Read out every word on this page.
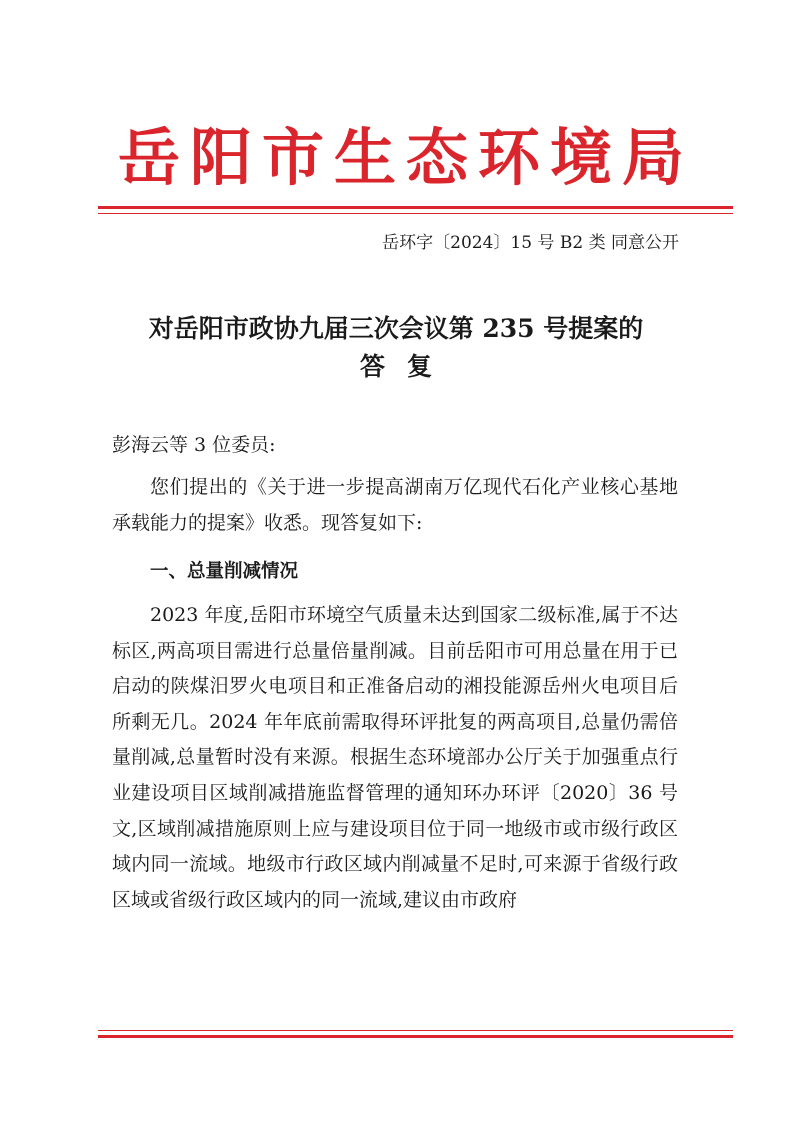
岳阳市生态环境局
岳环字〔2024〕15 号 B2 类 同意公开
对岳阳市政协九届三次会议第 235 号提案的
答复
彭海云等 3 位委员:

您们提出的《关于进一步提高湖南万亿现代石化产业核心基地承载能力的提案》收悉。现答复如下:

一、总量削减情况

2023 年度,岳阳市环境空气质量未达到国家二级标准,属于不达标区,两高项目需进行总量倍量削减。目前岳阳市可用总量在用于已启动的陕煤汨罗火电项目和正准备启动的湘投能源岳州火电项目后所剩无几。2024 年年底前需取得环评批复的两高项目,总量仍需倍量削减,总量暂时没有来源。根据生态环境部办公厅关于加强重点行业建设项目区域削减措施监督管理的通知环办环评〔2020〕36 号文,区域削减措施原则上应与建设项目位于同一地级市或市级行政区域内同一流域。地级市行政区域内削减量不足时,可来源于省级行政区域或省级行政区域内的同一流域,建议由市政府
